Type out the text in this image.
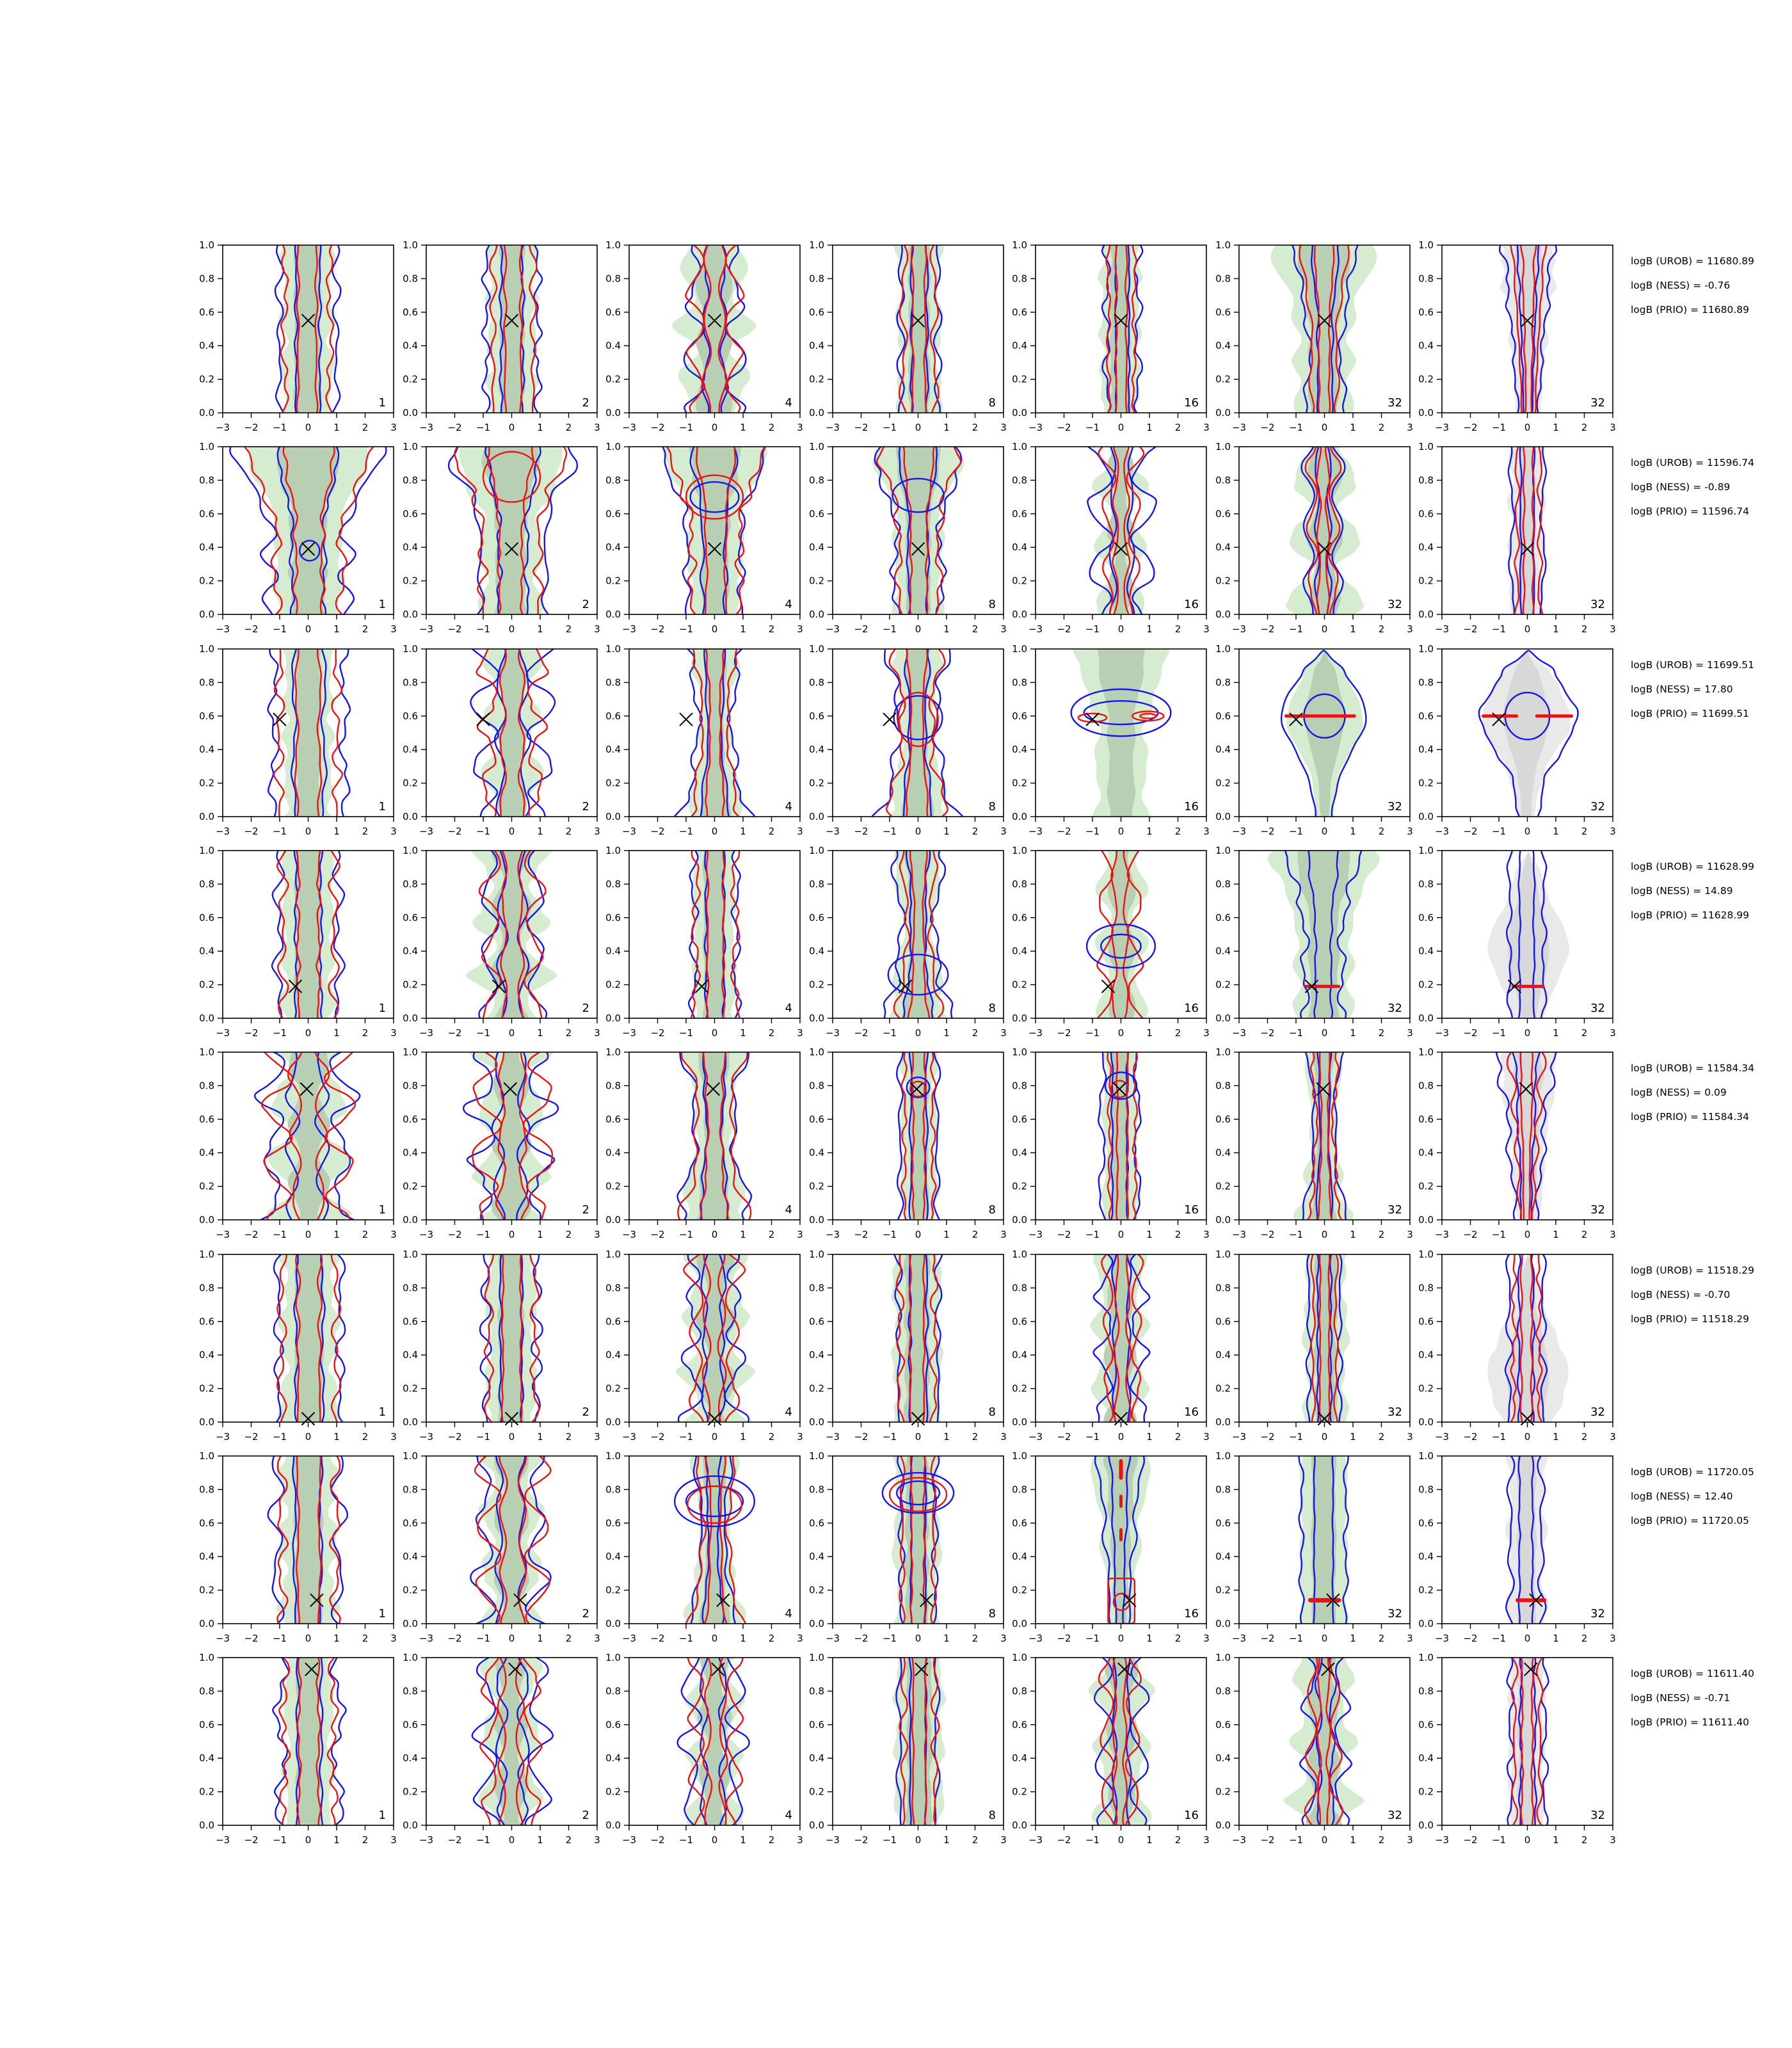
−3 −2 −1 0 1 2 3
0.0
0.2
0.4
0.6
0.8
1.0
1
−3 −2 −1 0 1 2 3
0.0
0.2
0.4
0.6
0.8
1.0
2
−3 −2 −1 0 1 2 3
0.0
0.2
0.4
0.6
0.8
1.0
4
−3 −2 −1 0 1 2 3
0.0
0.2
0.4
0.6
0.8
1.0
8
−3 −2 −1 0 1 2 3
0.0
0.2
0.4
0.6
0.8
1.0
16
−3 −2 −1 0 1 2 3
0.0
0.2
0.4
0.6
0.8
1.0
32
−3 −2 −1 0 1 2 3
0.0
0.2
0.4
0.6
0.8
1.0
32
−3 −2 −1 0 1 2 3
0.0
0.2
0.4
0.6
0.8
1.0
1
−3 −2 −1 0 1 2 3
0.0
0.2
0.4
0.6
0.8
1.0
2
−3 −2 −1 0 1 2 3
0.0
0.2
0.4
0.6
0.8
1.0
4
−3 −2 −1 0 1 2 3
0.0
0.2
0.4
0.6
0.8
1.0
8
−3 −2 −1 0 1 2 3
0.0
0.2
0.4
0.6
0.8
1.0
16
−3 −2 −1 0 1 2 3
0.0
0.2
0.4
0.6
0.8
1.0
32
−3 −2 −1 0 1 2 3
0.0
0.2
0.4
0.6
0.8
1.0
32
−3 −2 −1 0 1 2 3
0.0
0.2
0.4
0.6
0.8
1.0
1
−3 −2 −1 0 1 2 3
0.0
0.2
0.4
0.6
0.8
1.0
2
−3 −2 −1 0 1 2 3
0.0
0.2
0.4
0.6
0.8
1.0
4
−3 −2 −1 0 1 2 3
0.0
0.2
0.4
0.6
0.8
1.0
8
−3 −2 −1 0 1 2 3
0.0
0.2
0.4
0.6
0.8
1.0
16
−3 −2 −1 0 1 2 3
0.0
0.2
0.4
0.6
0.8
1.0
32
−3 −2 −1 0 1 2 3
0.0
0.2
0.4
0.6
0.8
1.0
32
−3 −2 −1 0 1 2 3
0.0
0.2
0.4
0.6
0.8
1.0
1
−3 −2 −1 0 1 2 3
0.0
0.2
0.4
0.6
0.8
1.0
2
−3 −2 −1 0 1 2 3
0.0
0.2
0.4
0.6
0.8
1.0
4
−3 −2 −1 0 1 2 3
0.0
0.2
0.4
0.6
0.8
1.0
8
−3 −2 −1 0 1 2 3
0.0
0.2
0.4
0.6
0.8
1.0
16
−3 −2 −1 0 1 2 3
0.0
0.2
0.4
0.6
0.8
1.0
32
−3 −2 −1 0 1 2 3
0.0
0.2
0.4
0.6
0.8
1.0
32
−3 −2 −1 0 1 2 3
0.0
0.2
0.4
0.6
0.8
1.0
1
−3 −2 −1 0 1 2 3
0.0
0.2
0.4
0.6
0.8
1.0
2
−3 −2 −1 0 1 2 3
0.0
0.2
0.4
0.6
0.8
1.0
4
−3 −2 −1 0 1 2 3
0.0
0.2
0.4
0.6
0.8
1.0
8
−3 −2 −1 0 1 2 3
0.0
0.2
0.4
0.6
0.8
1.0
16
−3 −2 −1 0 1 2 3
0.0
0.2
0.4
0.6
0.8
1.0
32
−3 −2 −1 0 1 2 3
0.0
0.2
0.4
0.6
0.8
1.0
32
−3 −2 −1 0 1 2 3
0.0
0.2
0.4
0.6
0.8
1.0
1
−3 −2 −1 0 1 2 3
0.0
0.2
0.4
0.6
0.8
1.0
2
−3 −2 −1 0 1 2 3
0.0
0.2
0.4
0.6
0.8
1.0
4
−3 −2 −1 0 1 2 3
0.0
0.2
0.4
0.6
0.8
1.0
8
−3 −2 −1 0 1 2 3
0.0
0.2
0.4
0.6
0.8
1.0
16
−3 −2 −1 0 1 2 3
0.0
0.2
0.4
0.6
0.8
1.0
32
−3 −2 −1 0 1 2 3
0.0
0.2
0.4
0.6
0.8
1.0
32
−3 −2 −1 0 1 2 3
0.0
0.2
0.4
0.6
0.8
1.0
1
−3 −2 −1 0 1 2 3
0.0
0.2
0.4
0.6
0.8
1.0
2
−3 −2 −1 0 1 2 3
0.0
0.2
0.4
0.6
0.8
1.0
4
−3 −2 −1 0 1 2 3
0.0
0.2
0.4
0.6
0.8
1.0
8
−3 −2 −1 0 1 2 3
0.0
0.2
0.4
0.6
0.8
1.0
16
−3 −2 −1 0 1 2 3
0.0
0.2
0.4
0.6
0.8
1.0
32
−3 −2 −1 0 1 2 3
0.0
0.2
0.4
0.6
0.8
1.0
32
−3 −2 −1 0 1 2 3
0.0
0.2
0.4
0.6
0.8
1.0
1
−3 −2 −1 0 1 2 3
0.0
0.2
0.4
0.6
0.8
1.0
2
−3 −2 −1 0 1 2 3
0.0
0.2
0.4
0.6
0.8
1.0
4
−3 −2 −1 0 1 2 3
0.0
0.2
0.4
0.6
0.8
1.0
8
−3 −2 −1 0 1 2 3
0.0
0.2
0.4
0.6
0.8
1.0
16
−3 −2 −1 0 1 2 3
0.0
0.2
0.4
0.6
0.8
1.0
32
−3 −2 −1 0 1 2 3
0.0
0.2
0.4
0.6
0.8
1.0
32
logB (UROB) = 11680.89
logB (NESS) = -0.76
logB (PRIO) = 11680.89
logB (UROB) = 11596.74
logB (NESS) = -0.89
logB (PRIO) = 11596.74
logB (UROB) = 11699.51
logB (NESS) = 17.80
logB (PRIO) = 11699.51
logB (UROB) = 11628.99
logB (NESS) = 14.89
logB (PRIO) = 11628.99
logB (UROB) = 11584.34
logB (NESS) = 0.09
logB (PRIO) = 11584.34
logB (UROB) = 11518.29
logB (NESS) = -0.70
logB (PRIO) = 11518.29
logB (UROB) = 11720.05
logB (NESS) = 12.40
logB (PRIO) = 11720.05
logB (UROB) = 11611.40
logB (NESS) = -0.71
logB (PRIO) = 11611.40
